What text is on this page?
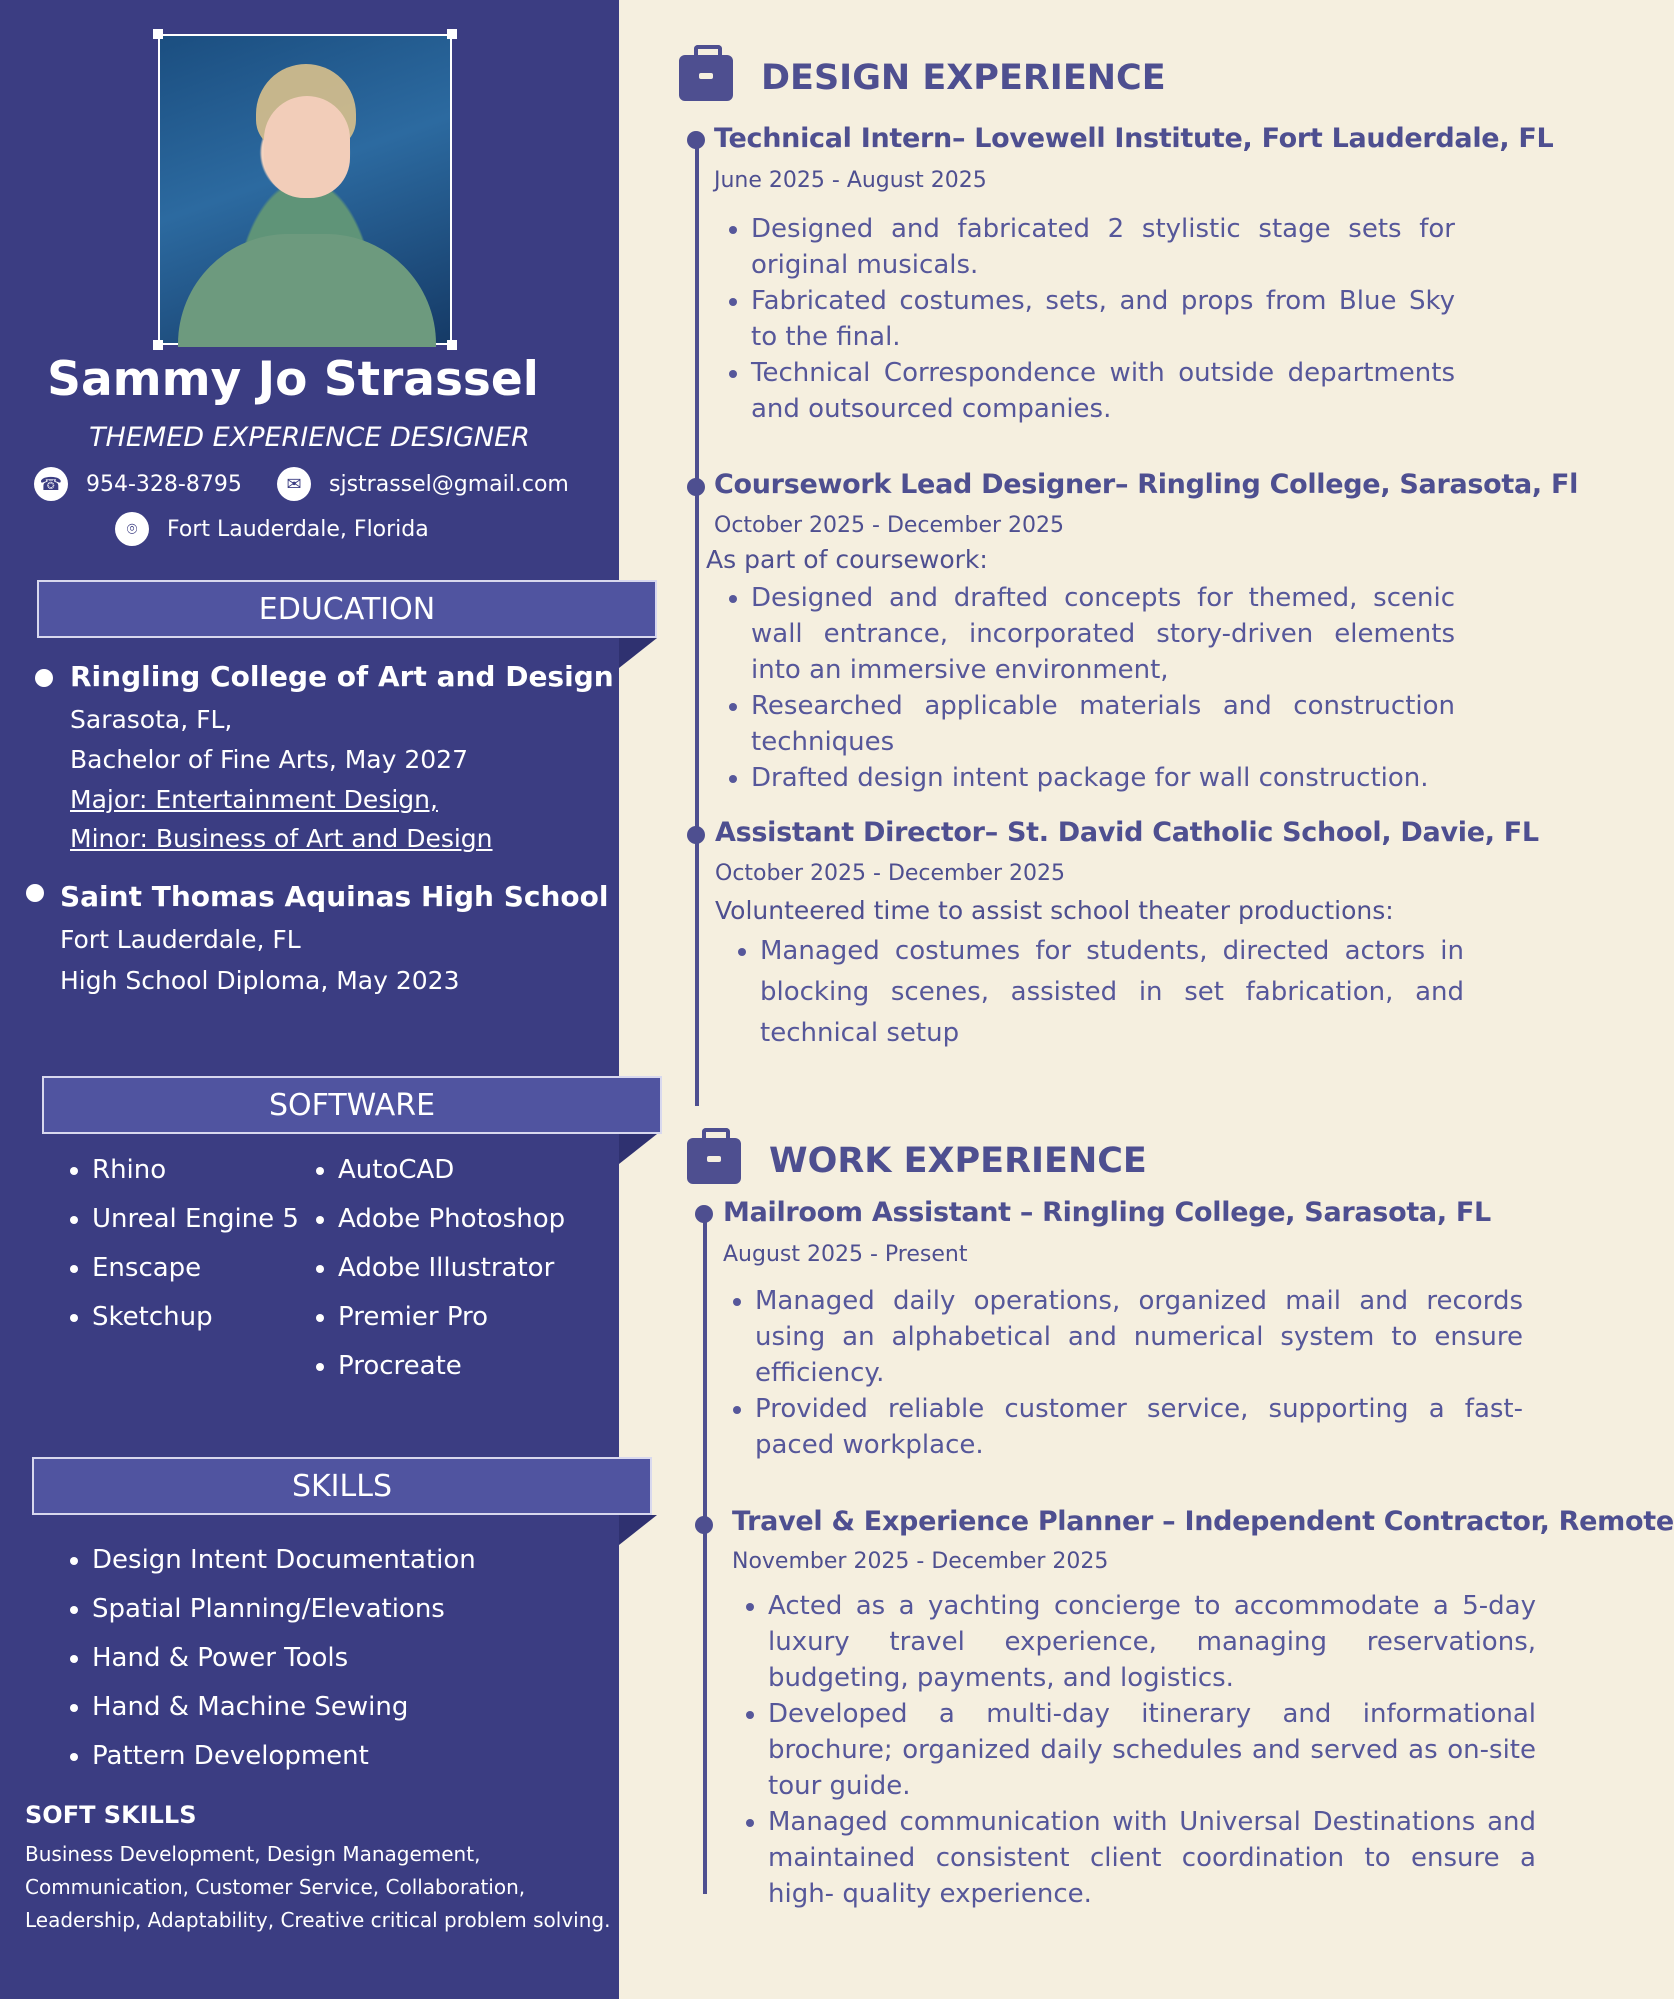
Sammy Jo Strassel
THEMED EXPERIENCE DESIGNER
☎ 954-328-8795	✉	sjstrassel@gmail.com
⌾	Fort Lauderdale, Florida
EDUCATION
Ringling College of Art and Design
Sarasota, FL,
Bachelor of Fine Arts, May 2027
Major: Entertainment Design,
Minor: Business of Art and Design
Saint Thomas Aquinas High School
Fort Lauderdale, FL
High School Diploma, May 2023
SOFTWARE
• Rhino
• Unreal Engine 5
• Enscape
• Sketchup
• AutoCAD
• Adobe Photoshop
• Adobe Illustrator
• Premier Pro
• Procreate
SKILLS
• Design Intent Documentation
• Spatial Planning/Elevations
• Hand & Power Tools
• Hand & Machine Sewing
• Pattern Development
SOFT SKILLS
Business Development, Design Management, Communication, Customer Service, Collaboration, Leadership, Adaptability, Creative critical problem solving.
DESIGN EXPERIENCE
Technical Intern– Lovewell Institute, Fort Lauderdale, FL
June 2025 - August 2025
• Designed and fabricated 2 stylistic stage sets for original musicals.
• Fabricated costumes, sets, and props from Blue Sky to the final.
• Technical Correspondence with outside departments and outsourced companies.
Coursework Lead Designer– Ringling College, Sarasota, Fl
October 2025 - December 2025
As part of coursework:
• Designed and drafted concepts for themed, scenic wall entrance, incorporated story-driven elements into an immersive environment,
• Researched applicable materials and construction techniques
• Drafted design intent package for wall construction.
Assistant Director– St. David Catholic School, Davie, FL
October 2025 - December 2025
Volunteered time to assist school theater productions:
• Managed costumes for students, directed actors in blocking scenes, assisted in set fabrication, and technical setup
WORK EXPERIENCE
Mailroom Assistant – Ringling College, Sarasota, FL
August 2025 - Present
• Managed daily operations, organized mail and records using an alphabetical and numerical system to ensure efficiency.
• Provided reliable customer service, supporting a fast-paced workplace.
Travel & Experience Planner – Independent Contractor, Remote
November 2025 - December 2025
• Acted as a yachting concierge to accommodate a 5-day luxury travel experience, managing reservations, budgeting, payments, and logistics.
• Developed a multi-day itinerary and informational brochure; organized daily schedules and served as on-site tour guide.
• Managed communication with Universal Destinations and maintained consistent client coordination to ensure a high- quality experience.
